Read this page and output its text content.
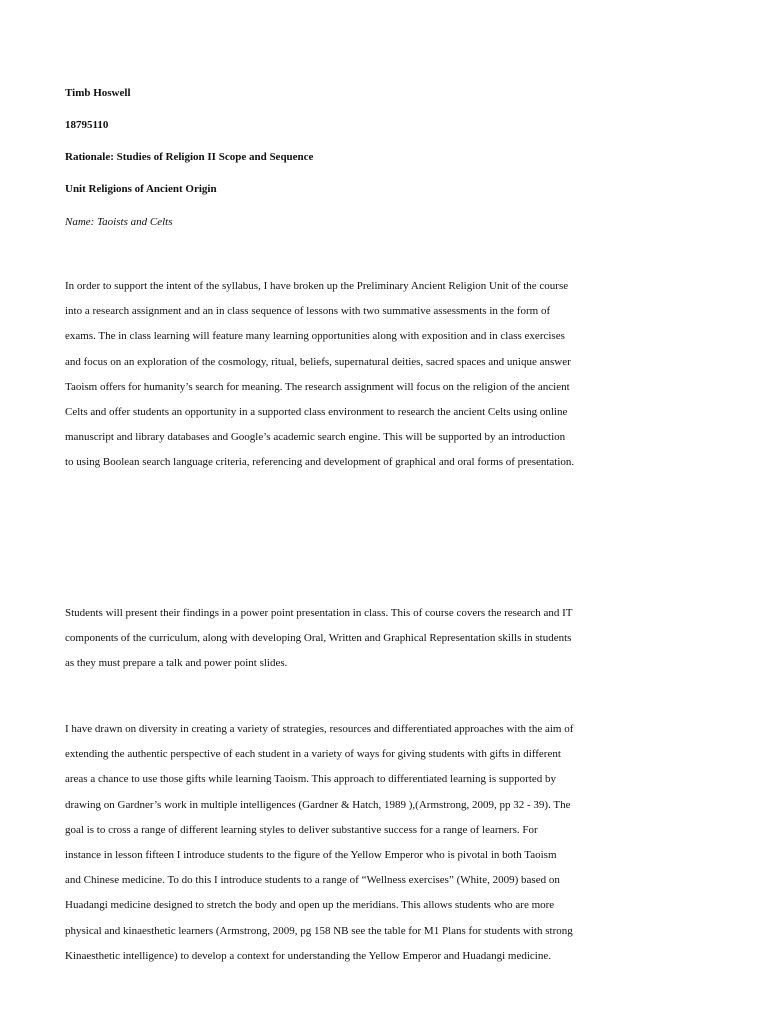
Timb Hoswell
18795110
Rationale: Studies of Religion II Scope and Sequence
Unit Religions of Ancient Origin
Name: Taoists and Celts

In order to support the intent of the syllabus, I have broken up the Preliminary Ancient Religion Unit of the course
into a research assignment and an in class sequence of lessons with two summative assessments in the form of
exams. The in class learning will feature many learning opportunities along with exposition and in class exercises
and focus on an exploration of the cosmology, ritual, beliefs, supernatural deities, sacred spaces and unique answer
Taoism offers for humanity’s search for meaning. The research assignment will focus on the religion of the ancient
Celts and offer students an opportunity in a supported class environment to research the ancient Celts using online
manuscript and library databases and Google’s academic search engine. This will be supported by an introduction
to using Boolean search language criteria, referencing and development of graphical and oral forms of presentation.

Students will present their findings in a power point presentation in class. This of course covers the research and IT
components of the curriculum, along with developing Oral, Written and Graphical Representation skills in students
as they must prepare a talk and power point slides.

I have drawn on diversity in creating a variety of strategies, resources and differentiated approaches with the aim of
extending the authentic perspective of each student in a variety of ways for giving students with gifts in different
areas a chance to use those gifts while learning Taoism. This approach to differentiated learning is supported by
drawing on Gardner’s work in multiple intelligences (Gardner & Hatch, 1989 ),(Armstrong, 2009, pp 32 - 39). The
goal is to cross a range of different learning styles to deliver substantive success for a range of learners. For
instance in lesson fifteen I introduce students to the figure of the Yellow Emperor who is pivotal in both Taoism
and Chinese medicine. To do this I introduce students to a range of “Wellness exercises” (White, 2009) based on
Huadangi medicine designed to stretch the body and open up the meridians. This allows students who are more
physical and kinaesthetic learners (Armstrong, 2009, pg 158 NB see the table for M1 Plans for students with strong
Kinaesthetic intelligence) to develop a context for understanding the Yellow Emperor and Huadangi medicine.
